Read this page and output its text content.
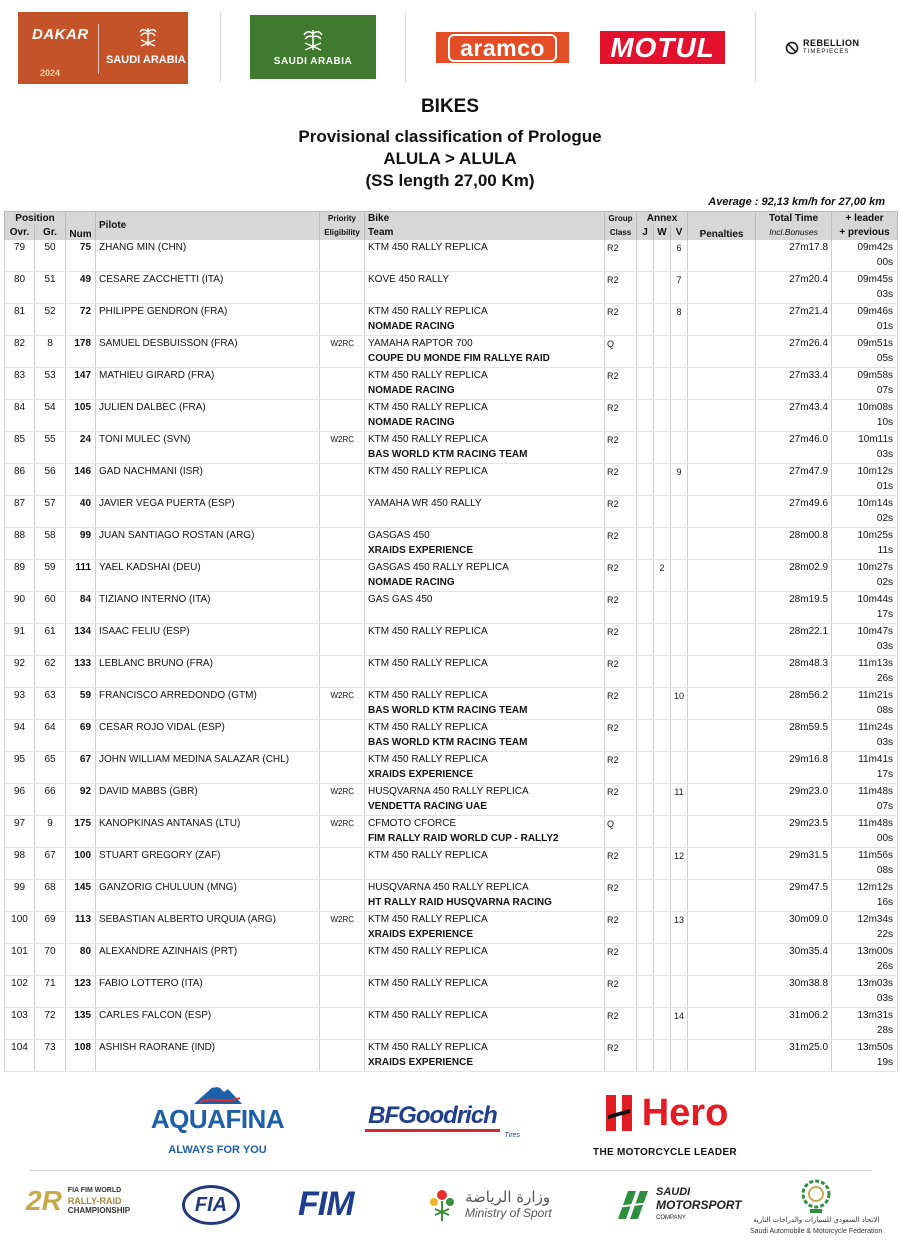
DAKAR
2024
SAUDI ARABIA	SAUDI ARABIA
aramco	MOTUL	REBELLION
TIMEPIECES
BIKES
Provisional classification of Prologue
ALULA > ALULA
(SS length 27,00 Km)
Average : 92,13 km/h for 27,00 km
Position		Num	Pilote	Priority	Bike	Group	Annex			Penalties	Total Time	+ leader
Ovr.	Gr.			Eligibility	Team	Class	J	W	V		Incl.Bonuses	+ previous
79	50	75	ZHANG MIN (CHN)		KTM 450 RALLY REPLICA	R2			6		27m17.8	09m42s
00s

80	51	49	CESARE ZACCHETTI (ITA)		KOVE 450 RALLY	R2			7		27m20.4	09m45s
03s

81	52	72	PHILIPPE GENDRON (FRA)		KTM 450 RALLY REPLICA
NOMADE RACING	R2			8		27m21.4	09m46s
01s

82	8	178	SAMUEL DESBUISSON (FRA)	W2RC	YAMAHA RAPTOR 700
COUPE DU MONDE FIM RALLYE RAID	Q					27m26.4	09m51s
05s

83	53	147	MATHIEU GIRARD (FRA)		KTM 450 RALLY REPLICA
NOMADE RACING	R2					27m33.4	09m58s
07s

84	54	105	JULIEN DALBEC (FRA)		KTM 450 RALLY REPLICA
NOMADE RACING	R2					27m43.4	10m08s
10s

85	55	24	TONI MULEC (SVN)	W2RC	KTM 450 RALLY REPLICA
BAS WORLD KTM RACING TEAM	R2					27m46.0	10m11s
03s

86	56	146	GAD NACHMANI (ISR)		KTM 450 RALLY REPLICA	R2			9		27m47.9	10m12s
01s

87	57	40	JAVIER VEGA PUERTA (ESP)		YAMAHA WR 450 RALLY	R2					27m49.6	10m14s
02s

88	58	99	JUAN SANTIAGO ROSTAN (ARG)		GASGAS 450
XRAIDS EXPERIENCE	R2					28m00.8	10m25s
11s

89	59	111	YAEL KADSHAI (DEU)		GASGAS 450 RALLY REPLICA
NOMADE RACING	R2		2			28m02.9	10m27s
02s

90	60	84	TIZIANO INTERNO (ITA)		GAS GAS 450	R2					28m19.5	10m44s
17s

91	61	134	ISAAC FELIU (ESP)		KTM 450 RALLY REPLICA	R2					28m22.1	10m47s
03s

92	62	133	LEBLANC BRUNO (FRA)		KTM 450 RALLY REPLICA	R2					28m48.3	11m13s
26s

93	63	59	FRANCISCO ARREDONDO (GTM)	W2RC	KTM 450 RALLY REPLICA
BAS WORLD KTM RACING TEAM	R2			10		28m56.2	11m21s
08s

94	64	69	CESAR ROJO VIDAL (ESP)		KTM 450 RALLY REPLICA
BAS WORLD KTM RACING TEAM	R2					28m59.5	11m24s
03s

95	65	67	JOHN WILLIAM MEDINA SALAZAR (CHL)		KTM 450 RALLY REPLICA
XRAIDS EXPERIENCE	R2					29m16.8	11m41s
17s

96	66	92	DAVID MABBS (GBR)	W2RC	HUSQVARNA 450 RALLY REPLICA
VENDETTA RACING UAE	R2			11		29m23.0	11m48s
07s

97	9	175	KANOPKINAS ANTANAS (LTU)	W2RC	CFMOTO CFORCE
FIM RALLY RAID WORLD CUP - RALLY2	Q					29m23.5	11m48s
00s

98	67	100	STUART GREGORY (ZAF)		KTM 450 RALLY REPLICA	R2			12		29m31.5	11m56s
08s

99	68	145	GANZORIG CHULUUN (MNG)		HUSQVARNA 450 RALLY REPLICA
HT RALLY RAID HUSQVARNA RACING	R2					29m47.5	12m12s
16s

100	69	113	SEBASTIAN ALBERTO URQUIA (ARG)	W2RC	KTM 450 RALLY REPLICA
XRAIDS EXPERIENCE	R2			13		30m09.0	12m34s
22s

101	70	80	ALEXANDRE AZINHAIS (PRT)		KTM 450 RALLY REPLICA	R2					30m35.4	13m00s
26s

102	71	123	FABIO LOTTERO (ITA)		KTM 450 RALLY REPLICA	R2					30m38.8	13m03s
03s

103	72	135	CARLES FALCON (ESP)		KTM 450 RALLY REPLICA	R2			14		31m06.2	13m31s
28s

104	73	108	ASHISH RAORANE (IND)		KTM 450 RALLY REPLICA
XRAIDS EXPERIENCE	R2					31m25.0	13m50s
19s
AQUAFINA
ALWAYS FOR YOU
BFGoodrich
Tires
Hero
THE MOTORCYCLE LEADER
2R FIA FIM WORLD
RALLY-RAID
CHAMPIONSHIP	FIA	FIM	وزارة الرياضة
Ministry of Sport
SAUDI
MOTORSPORT
COMPANY	الاتحاد السعودي للسيارات والدراجات النارية
Saudi Automobile & Motorcycle Federation
